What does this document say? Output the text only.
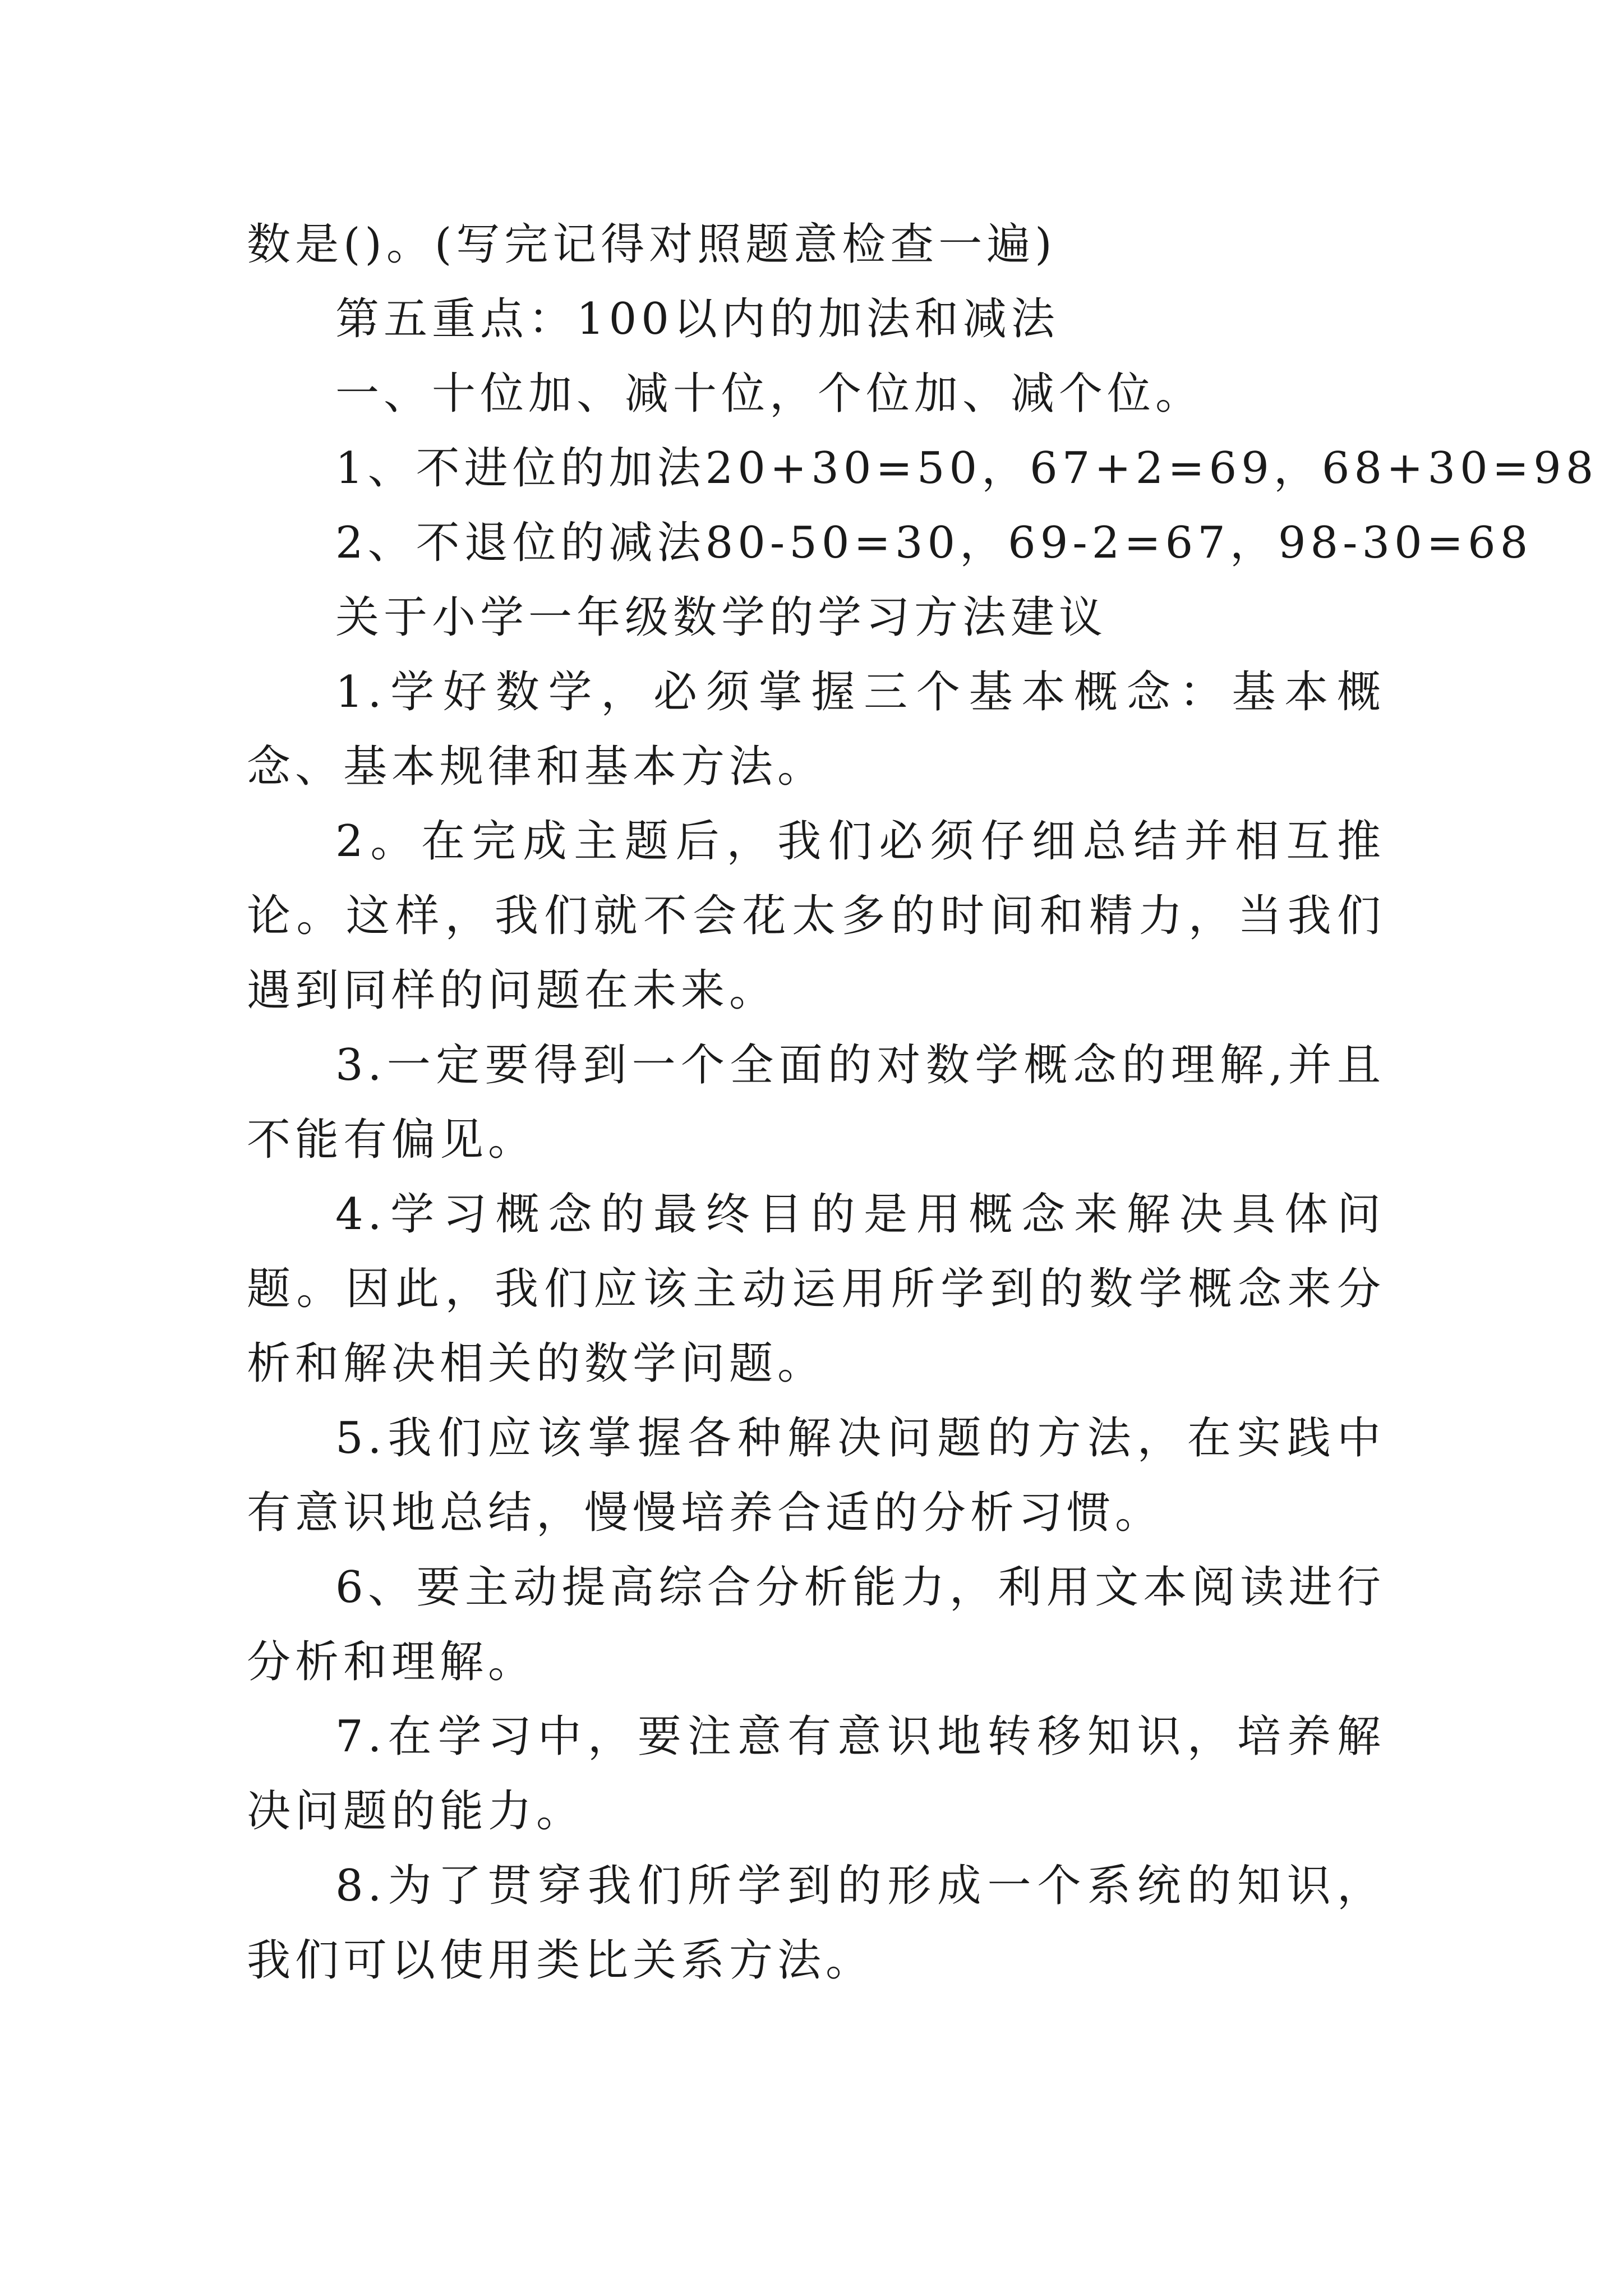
数是()。(写完记得对照题意检查一遍)
第五重点：100以内的加法和减法
一、十位加、减十位，个位加、减个位。
1、不进位的加法20+30=50，67+2=69，68+30=98
2、不退位的减法80-50=30，69-2=67，98-30=68
关于小学一年级数学的学习方法建议

1.学好数学，必须掌握三个基本概念：基本概念、基本规律和基本方法。

2。在完成主题后，我们必须仔细总结并相互推论。这样，我们就不会花太多的时间和精力，当我们遇到同样的问题在未来。

3.一定要得到一个全面的对数学概念的理解,并且不能有偏见。

4.学习概念的最终目的是用概念来解决具体问题。因此，我们应该主动运用所学到的数学概念来分析和解决相关的数学问题。

5.我们应该掌握各种解决问题的方法，在实践中有意识地总结，慢慢培养合适的分析习惯。

6、要主动提高综合分析能力，利用文本阅读进行分析和理解。

7.在学习中，要注意有意识地转移知识，培养解决问题的能力。

8.为了贯穿我们所学到的形成一个系统的知识，我们可以使用类比关系方法。
